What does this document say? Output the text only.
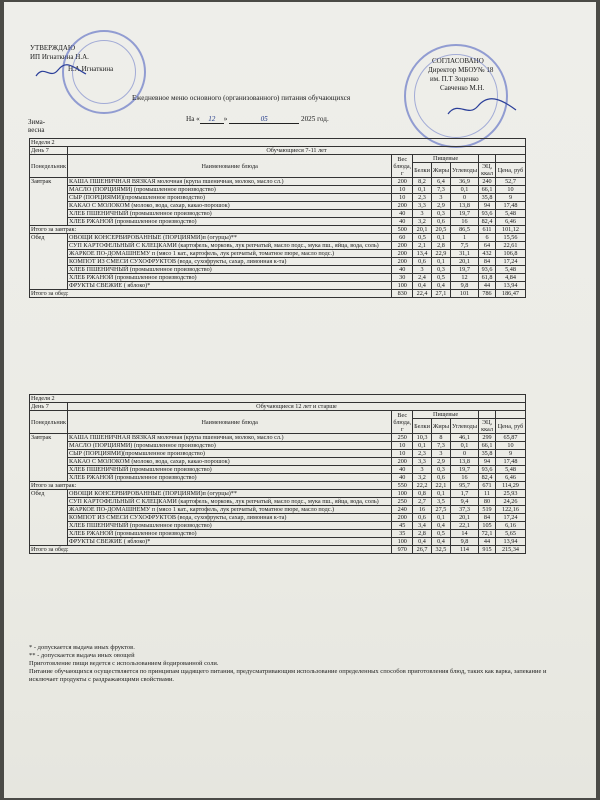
УТВЕРЖДАЮ
ИП Игнаткина Н.А.
Н.А.Игнаткина
СОГЛАСОВАНО
Директор МБОУ№ 18
им. П.Т Зоценко
Савченко М.Н.
Ежедневное меню основного (организованного) питания обучающихся
На « 12 »	05	2025 год.
Зима-
весна
Неделя 2							
День 7	Обучающиеся 7-11 лет						
Понедельник	Наименование блюда	Вес блюда, г	Пищевые				
			Белки	Жиры	Углеводы	ЭЦ, ккал	Цена, руб
Завтрак	КАША ПШЕНИЧНАЯ ВЯЗКАЯ молочная (крупа пшеничная, молоко, масло сл.)	200	8,2	6,4	36,9	240	52,7
	МАСЛО (ПОРЦИЯМИ) (промышленное производство)	10	0,1	7,3	0,1	66,1	10
	СЫР (ПОРЦИЯМИ)(промышленное производство)	10	2,3	3	0	35,8	9
	КАКАО С МОЛОКОМ (молоко, вода, сахар, какао-порошок)	200	3,3	2,9	13,8	94	17,48
	ХЛЕБ ПШЕНИЧНЫЙ (промышленное производство)	40	3	0,3	19,7	93,6	5,48
	ХЛЕБ РЖАНОЙ (промышленное производство)	40	3,2	0,6	16	82,4	6,46
Итого за завтрак:		500	20,1	20,5	86,5	611	101,12
Обед	ОВОЩИ КОНСЕРВИРОВАННЫЕ (ПОРЦИЯМИ)п (огурцы)**	60	0,5	0,1	1	6	15,56
	СУП КАРТОФЕЛЬНЫЙ С КЛЕЦКАМИ (картофель, морковь, лук репчатый, масло подс., мука пш., яйца, вода, соль)	200	2,1	2,8	7,5	64	22,61
	ЖАРКОЕ ПО-ДОМАШНЕМУ п (мясо 1 кат., картофель, лук репчатый, томатное пюре, масло подс.)	200	13,4	22,9	31,1	432	106,8
	КОМПОТ ИЗ СМЕСИ СУХОФРУКТОВ (вода, сухофрукты, сахар, лимонная к-та)	200	0,6	0,1	20,1	84	17,24
	ХЛЕБ ПШЕНИЧНЫЙ (промышленное производство)	40	3	0,3	19,7	93,6	5,48
	ХЛЕБ РЖАНОЙ (промышленное производство)	30	2,4	0,5	12	61,8	4,84
	ФРУКТЫ СВЕЖИЕ ( яблоко)*	100	0,4	0,4	9,8	44	13,94
Итого за обед:		830	22,4	27,1	101	786	186,47
Неделя 2							
День 7	Обучающиеся 12 лет и старше						
Понедельник	Наименование блюда	Вес блюда, г	Пищевые				
			Белки	Жиры	Углеводы	ЭЦ, ккал	Цена, руб
Завтрак	КАША ПШЕНИЧНАЯ ВЯЗКАЯ молочная (крупа пшеничная, молоко, масло сл.)	250	10,3	8	46,1	299	65,87
	МАСЛО (ПОРЦИЯМИ) (промышленное производство)	10	0,1	7,3	0,1	66,1	10
	СЫР (ПОРЦИЯМИ)(промышленное производство)	10	2,3	3	0	35,8	9
	КАКАО С МОЛОКОМ (молоко, вода, сахар, какао-порошок)	200	3,3	2,9	13,8	94	17,48
	ХЛЕБ ПШЕНИЧНЫЙ (промышленное производство)	40	3	0,3	19,7	93,6	5,48
	ХЛЕБ РЖАНОЙ (промышленное производство)	40	3,2	0,6	16	82,4	6,46
Итого за завтрак:		550	22,2	22,1	95,7	671	114,29
Обед	ОВОЩИ КОНСЕРВИРОВАННЫЕ (ПОРЦИЯМИ)п (огурцы)**	100	0,8	0,1	1,7	11	25,93
	СУП КАРТОФЕЛЬНЫЙ С КЛЕЦКАМИ (картофель, морковь, лук репчатый, масло подс., мука пш., яйца, вода, соль)	250	2,7	3,5	9,4	80	24,26
	ЖАРКОЕ ПО-ДОМАШНЕМУ п (мясо 1 кат., картофель, лук репчатый, томатное пюре, масло подс.)	240	16	27,5	37,3	519	122,16
	КОМПОТ ИЗ СМЕСИ СУХОФРУКТОВ (вода, сухофрукты, сахар, лимонная к-та)	200	0,6	0,1	20,1	84	17,24
	ХЛЕБ ПШЕНИЧНЫЙ (промышленное производство)	45	3,4	0,4	22,1	105	6,16
	ХЛЕБ РЖАНОЙ (промышленное производство)	35	2,8	0,5	14	72,1	5,65
	ФРУКТЫ СВЕЖИЕ ( яблоко)*	100	0,4	0,4	9,8	44	13,94
Итого за обед:		970	26,7	32,5	114	915	215,34
* - допускается выдача иных фруктов.
** - допускается выдача иных овощей
Приготовление пищи ведется с использованием йодированной соли.
Питание обучающихся осуществляется по принципам щадящего питания, предусматривающим использование определенных способов приготовления блюд, таких как варка, запекание и исключает продукты с раздражающими свойствами.
